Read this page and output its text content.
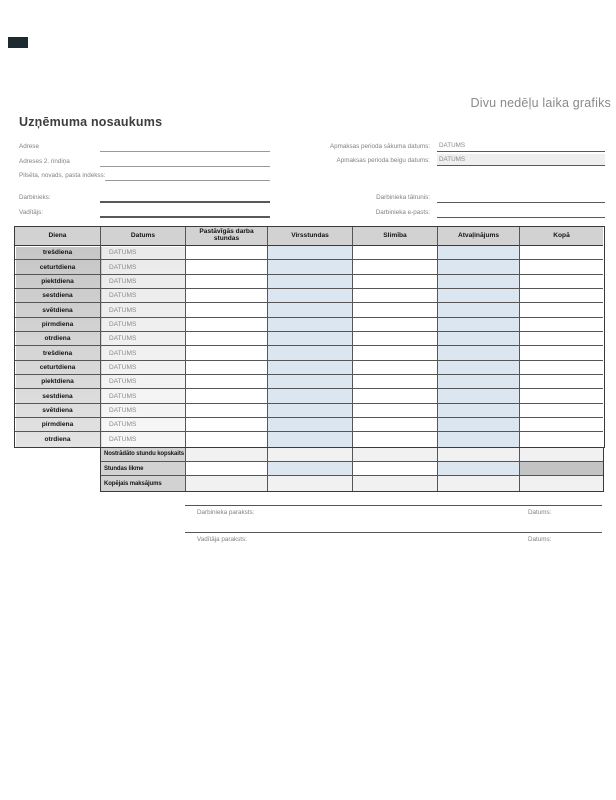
Divu nedēļu laika grafiks
Uzņēmuma nosaukums
Adrese
Adreses 2. rindiņa
Pilsēta, novads, pasta indekss:
Darbinieks:
Vadītājs:
Apmaksas perioda sākuma datums:	DATUMS
Apmaksas perioda beigu datums:	DATUMS
Darbinieka tālrunis:
Darbinieka e-pasts:
Diena	Datums	Pastāvīgās darba stundas	Virsstundas	Slimība	Atvaļinājums	Kopā
trešdiena	DATUMS
ceturtdiena	DATUMS
piektdiena	DATUMS
sestdiena	DATUMS
svētdiena	DATUMS
pirmdiena	DATUMS
otrdiena	DATUMS
trešdiena	DATUMS
ceturtdiena	DATUMS
piektdiena	DATUMS
sestdiena	DATUMS
svētdiena	DATUMS
pirmdiena	DATUMS
otrdiena	DATUMS
Nostrādāto stundu kopskaits
Stundas likme
Kopējais maksājums
Darbinieka paraksts:	Datums:
Vadītāja paraksts:	Datums:
